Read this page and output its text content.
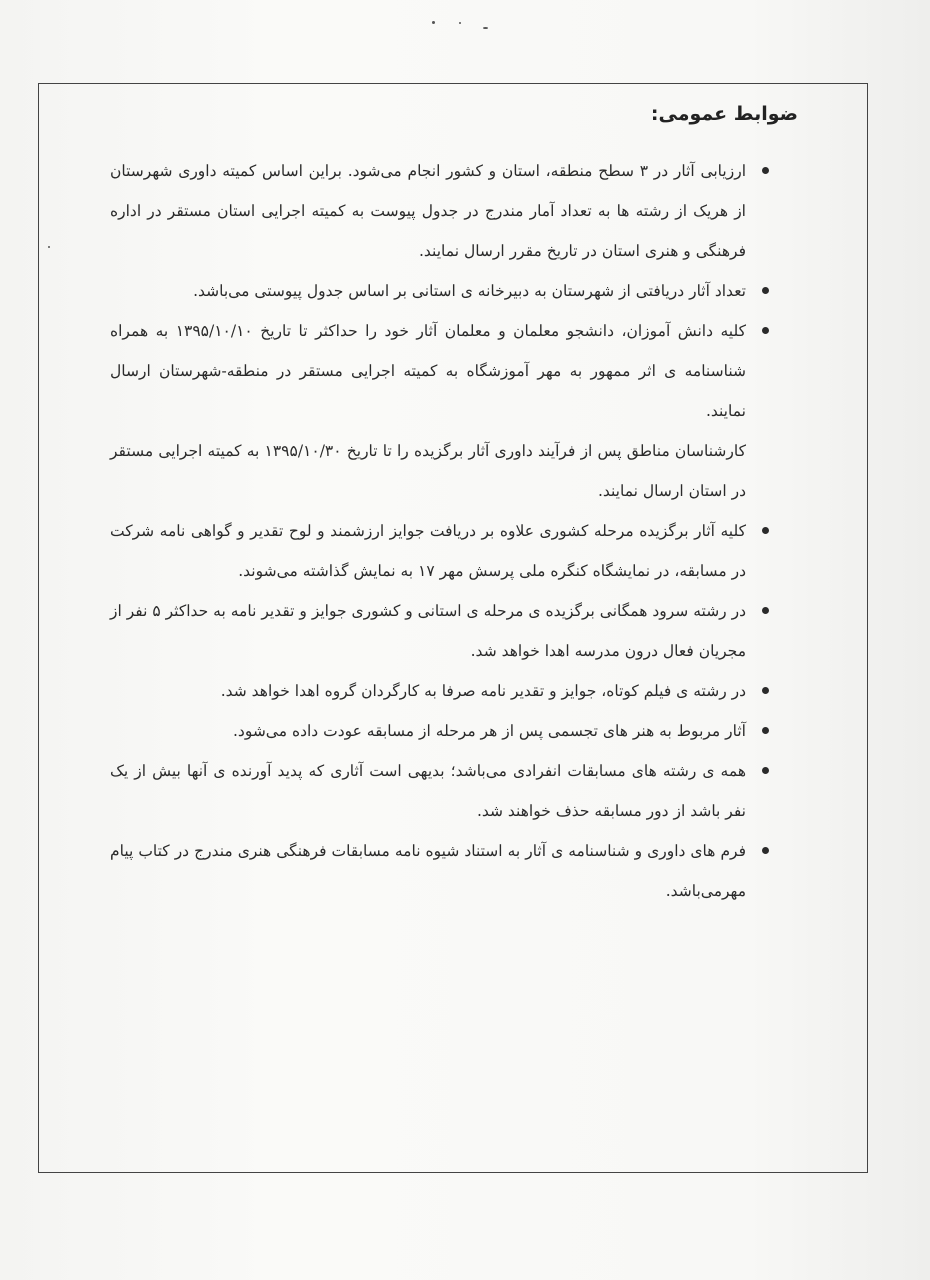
ضوابط عمومی:
ارزیابی آثار در ۳ سطح منطقه، استان و کشور انجام می‌شود. براین اساس کمیته داوری شهرستان از هریک از رشته ها به تعداد آمار مندرج در جدول پیوست به کمیته اجرایی استان مستقر در اداره فرهنگی و هنری استان در تاریخ مقرر ارسال نمایند.
تعداد آثار دریافتی از شهرستان به دبیرخانه ی استانی بر اساس جدول پیوستی می‌باشد.
کلیه دانش آموزان، دانشجو معلمان و معلمان آثار خود را حداکثر تا تاریخ ۱۳۹۵/۱۰/۱۰ به همراه شناسنامه ی اثر ممهور به مهر آموزشگاه به کمیته اجرایی مستقر در منطقه-شهرستان ارسال نمایند.
کارشناسان مناطق پس از فرآیند داوری آثار برگزیده را تا تاریخ ۱۳۹۵/۱۰/۳۰ به کمیته اجرایی مستقر در استان ارسال نمایند.
کلیه آثار برگزیده مرحله کشوری علاوه بر دریافت جوایز ارزشمند و لوح تقدیر و گواهی نامه شرکت در مسابقه، در نمایشگاه کنگره ملی پرسش مهر ۱۷ به نمایش گذاشته می‌شوند.
در رشته سرود همگانی برگزیده ی مرحله ی استانی و کشوری جوایز و تقدیر نامه به حداکثر ۵ نفر از مجریان فعال درون مدرسه اهدا خواهد شد.
در رشته ی فیلم کوتاه، جوایز و تقدیر نامه صرفا به کارگردان گروه اهدا خواهد شد.
آثار مربوط به هنر های تجسمی پس از هر مرحله از مسابقه عودت داده می‌شود.
همه ی رشته های مسابقات انفرادی می‌باشد؛ بدیهی است آثاری که پدید آورنده ی آنها بیش از یک نفر باشد از دور مسابقه حذف خواهند شد.
فرم های داوری و شناسنامه ی آثار به استناد شیوه نامه مسابقات فرهنگی هنری مندرج در کتاب پیام مهرمی‌باشد.
